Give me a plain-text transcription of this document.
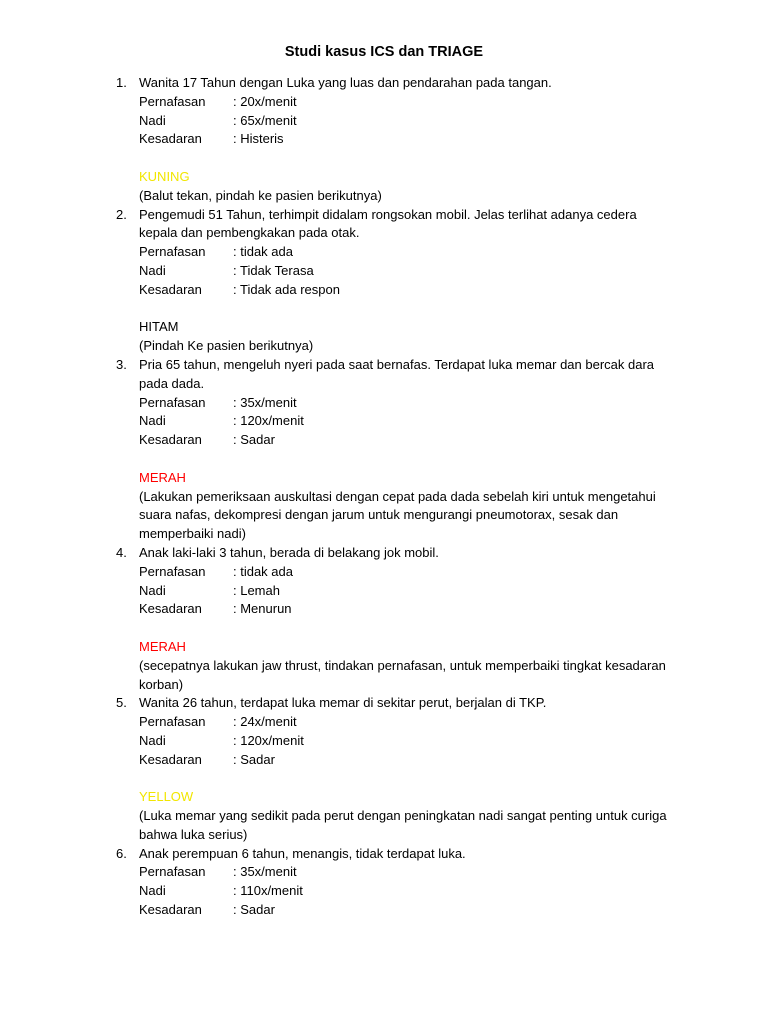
Studi kasus ICS dan TRIAGE
1. Wanita 17 Tahun dengan Luka yang luas dan pendarahan pada tangan.
Pernafasan	: 20x/menit
Nadi	: 65x/menit
Kesadaran	: Histeris
KUNING
(Balut tekan, pindah ke pasien berikutnya)
2. Pengemudi 51 Tahun, terhimpit didalam rongsokan mobil. Jelas terlihat adanya cedera
kepala dan pembengkakan pada otak.
Pernafasan	: tidak ada
Nadi	: Tidak Terasa
Kesadaran	: Tidak ada respon
HITAM
(Pindah Ke pasien berikutnya)
3. Pria 65 tahun, mengeluh nyeri pada saat bernafas. Terdapat luka memar dan bercak dara
pada dada.
Pernafasan	: 35x/menit
Nadi	: 120x/menit
Kesadaran	: Sadar
MERAH
(Lakukan pemeriksaan auskultasi dengan cepat pada dada sebelah kiri untuk mengetahui
suara nafas, dekompresi dengan jarum untuk mengurangi pneumotorax, sesak dan
memperbaiki nadi)
4. Anak laki-laki 3 tahun, berada di belakang jok mobil.
Pernafasan	: tidak ada
Nadi	: Lemah
Kesadaran	: Menurun
MERAH
(secepatnya lakukan jaw thrust, tindakan pernafasan, untuk memperbaiki tingkat kesadaran
korban)
5. Wanita 26 tahun, terdapat luka memar di sekitar perut, berjalan di TKP.
Pernafasan	: 24x/menit
Nadi	: 120x/menit
Kesadaran	: Sadar
YELLOW
(Luka memar yang sedikit pada perut dengan peningkatan nadi sangat penting untuk curiga
bahwa luka serius)
6. Anak perempuan 6 tahun, menangis, tidak terdapat luka.
Pernafasan	: 35x/menit
Nadi	: 110x/menit
Kesadaran	: Sadar
